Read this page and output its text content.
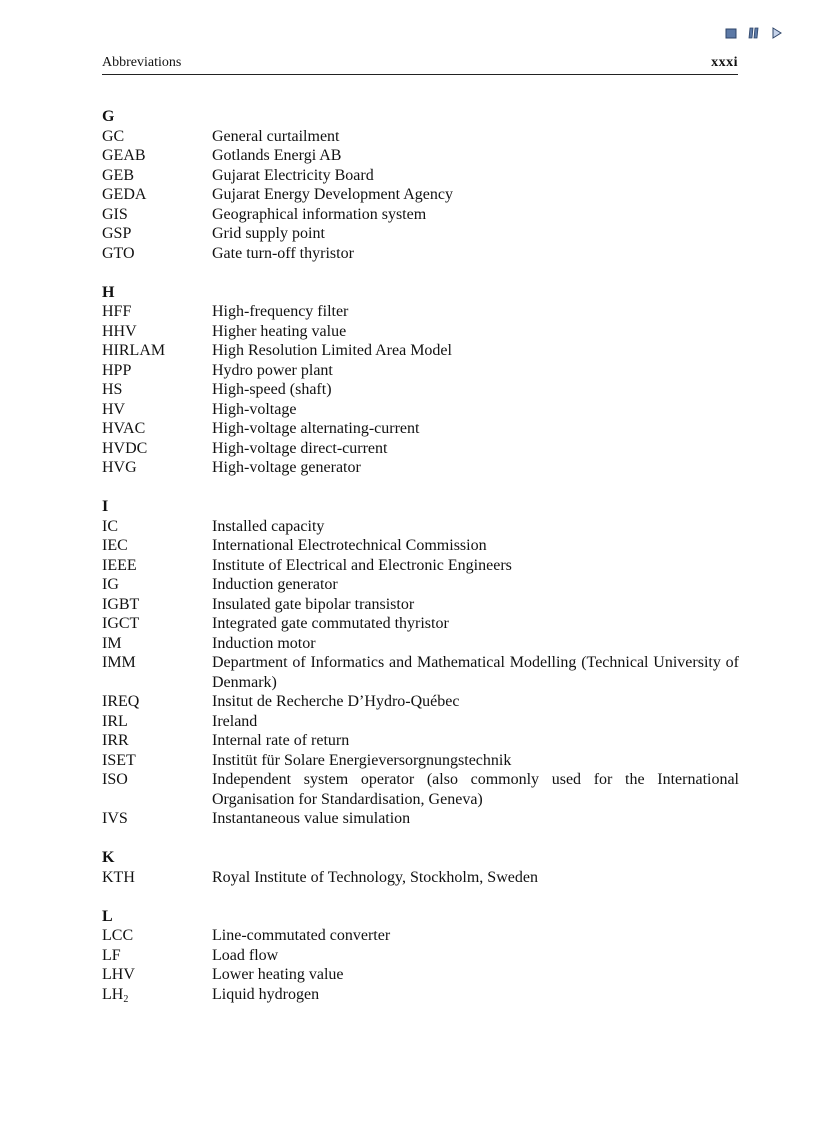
Abbreviations	xxxi
G
GC	General curtailment
GEAB	Gotlands Energi AB
GEB	Gujarat Electricity Board
GEDA	Gujarat Energy Development Agency
GIS	Geographical information system
GSP	Grid supply point
GTO	Gate turn-off thyristor
H
HFF	High-frequency filter
HHV	Higher heating value
HIRLAM	High Resolution Limited Area Model
HPP	Hydro power plant
HS	High-speed (shaft)
HV	High-voltage
HVAC	High-voltage alternating-current
HVDC	High-voltage direct-current
HVG	High-voltage generator
I
IC	Installed capacity
IEC	International Electrotechnical Commission
IEEE	Institute of Electrical and Electronic Engineers
IG	Induction generator
IGBT	Insulated gate bipolar transistor
IGCT	Integrated gate commutated thyristor
IM	Induction motor
IMM	Department of Informatics and Mathematical Modelling (Technical University of Denmark)
IREQ	Insitut de Recherche D’Hydro-Québec
IRL	Ireland
IRR	Internal rate of return
ISET	Institüt für Solare Energieversorgnungstechnik
ISO	Independent system operator (also commonly used for the International Organisation for Standardisation, Geneva)
IVS	Instantaneous value simulation
K
KTH	Royal Institute of Technology, Stockholm, Sweden
L
LCC	Line-commutated converter
LF	Load flow
LHV	Lower heating value
$LH_2$	Liquid hydrogen
